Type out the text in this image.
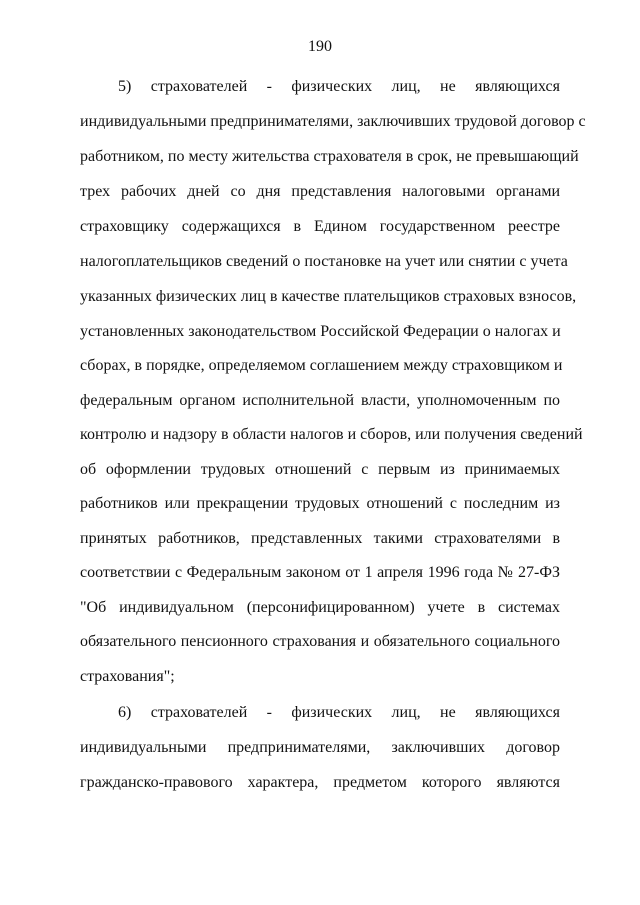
190
5) страхователей - физических лиц, не являющихся
индивидуальными предпринимателями, заключивших трудовой договор с
работником, по месту жительства страхователя в срок, не превышающий
трех рабочих дней со дня представления налоговыми органами
страховщику содержащихся в Едином государственном реестре
налогоплательщиков сведений о постановке на учет или снятии с учета
указанных физических лиц в качестве плательщиков страховых взносов,
установленных законодательством Российской Федерации о налогах и
сборах, в порядке, определяемом соглашением между страховщиком и
федеральным органом исполнительной власти, уполномоченным по
контролю и надзору в области налогов и сборов, или получения сведений
об оформлении трудовых отношений с первым из принимаемых
работников или прекращении трудовых отношений с последним из
принятых работников, представленных такими страхователями в
соответствии с Федеральным законом от 1 апреля 1996 года № 27-ФЗ
"Об индивидуальном (персонифицированном) учете в системах
обязательного пенсионного страхования и обязательного социального
страхования";
6) страхователей - физических лиц, не являющихся
индивидуальными предпринимателями, заключивших договор
гражданско-правового характера, предметом которого являются
